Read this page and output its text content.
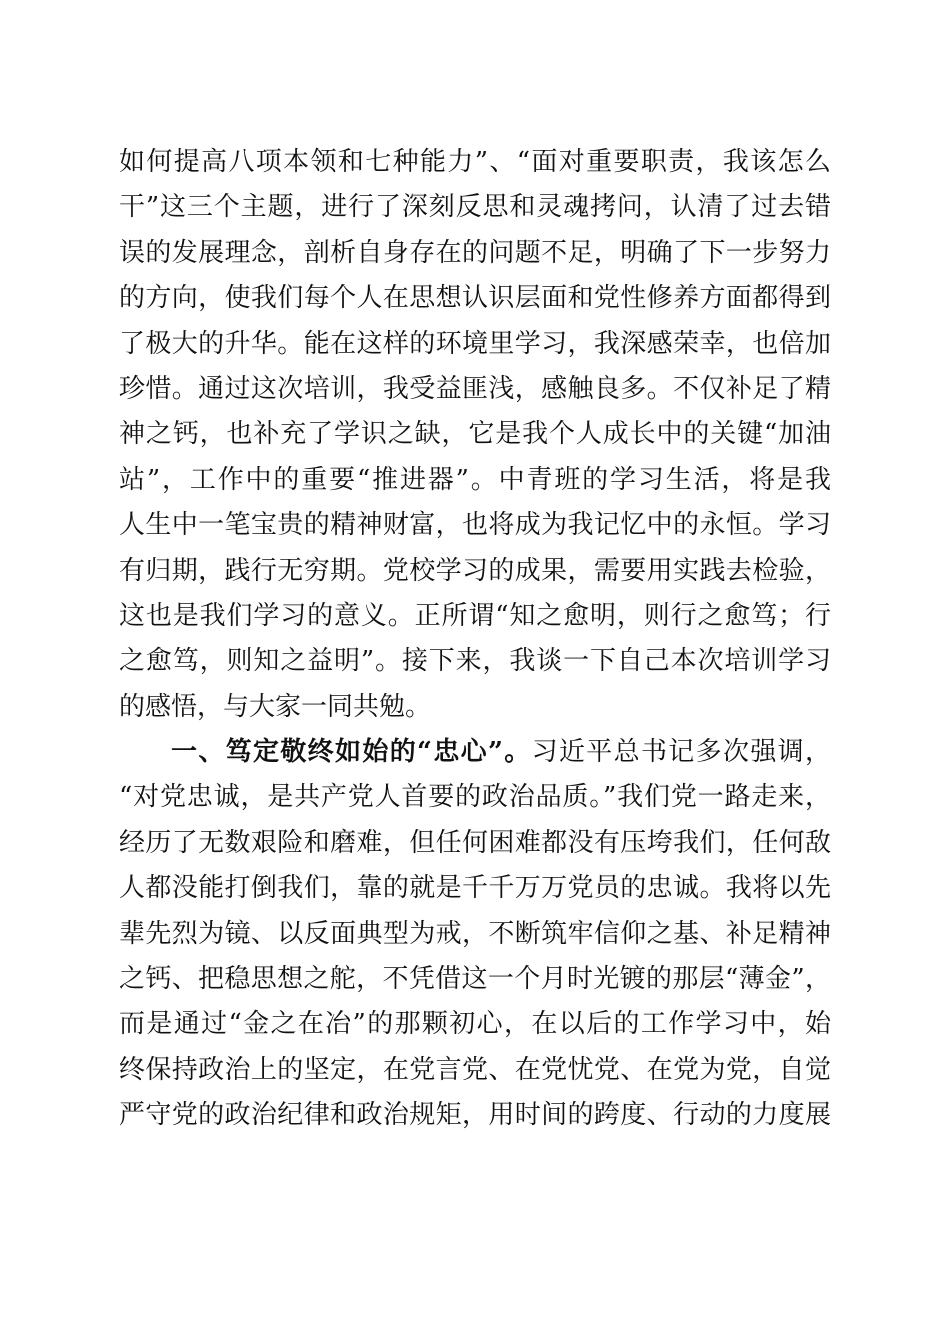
如何提高八项本领和七种能力”、“面对重要职责，我该怎么
干”这三个主题，进行了深刻反思和灵魂拷问，认清了过去错
误的发展理念，剖析自身存在的问题不足，明确了下一步努力
的方向，使我们每个人在思想认识层面和党性修养方面都得到
了极大的升华。能在这样的环境里学习，我深感荣幸，也倍加
珍惜。通过这次培训，我受益匪浅，感触良多。不仅补足了精
神之钙，也补充了学识之缺，它是我个人成长中的关键“加油
站”，工作中的重要“推进器”。中青班的学习生活，将是我
人生中一笔宝贵的精神财富，也将成为我记忆中的永恒。学习
有归期，践行无穷期。党校学习的成果，需要用实践去检验，
这也是我们学习的意义。正所谓“知之愈明，则行之愈笃；行
之愈笃，则知之益明”。接下来，我谈一下自己本次培训学习
的感悟，与大家一同共勉。
一、笃定敬终如始的“忠心”。习近平总书记多次强调，
“对党忠诚，是共产党人首要的政治品质。”我们党一路走来，
经历了无数艰险和磨难，但任何困难都没有压垮我们，任何敌
人都没能打倒我们，靠的就是千千万万党员的忠诚。我将以先
辈先烈为镜、以反面典型为戒，不断筑牢信仰之基、补足精神
之钙、把稳思想之舵，不凭借这一个月时光镀的那层“薄金”，
而是通过“金之在冶”的那颗初心，在以后的工作学习中，始
终保持政治上的坚定，在党言党、在党忧党、在党为党，自觉
严守党的政治纪律和政治规矩，用时间的跨度、行动的力度展
